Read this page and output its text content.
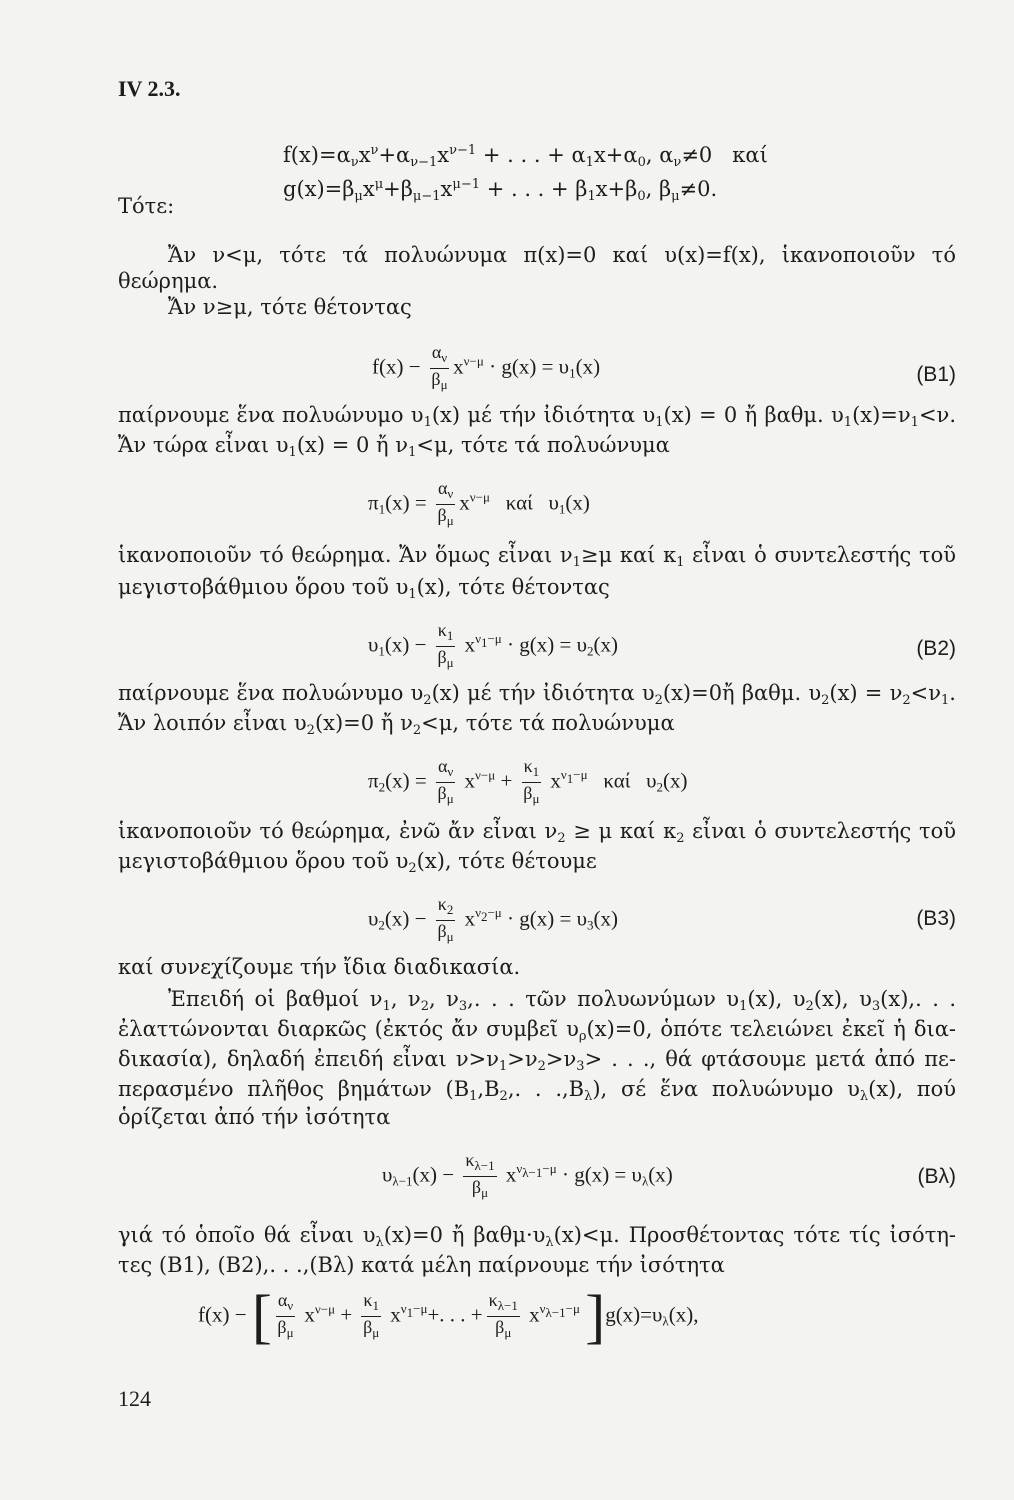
IV 2.3.
$f(x)=\alpha_\nu x^\nu+\alpha_{\nu-1}x^{\nu-1}$ + . . . + $\alpha_1x+\alpha_0$, $\alpha_\nu\ne 0$   καί
$g(x)=\beta_\mu x^\mu+\beta_{\mu-1}x^{\mu-1}$ + . . . + $\beta_1x+\beta_0$, $\beta_\mu\ne 0$.
Τότε:
Ἄν ν<μ, τότε τά πολυώνυμα π(x)=0 καί υ(x)=f(x), ἱκανοποιοῦν τό
θεώρημα.
Ἄν ν≥μ, τότε θέτοντας
$f(x) - \frac{\alpha_\nu}{\beta_\mu} x^{\nu-\mu} \cdot g(x) = \upsilon_1(x)$	(B1)
παίρνουμε ἕνα πολυώνυμο $\upsilon_1(x)$ μέ τήν ἰδιότητα $\upsilon_1(x) = 0$ ἤ βαθμ. $\upsilon_1(x)=\nu_1<\nu$.
Ἄν τώρα εἶναι $\upsilon_1(x) = 0$ ἤ $\nu_1<\mu$, τότε τά πολυώνυμα
$\pi_1(x) = \frac{\alpha_\nu}{\beta_\mu} x^{\nu-\mu}$   καί   $\upsilon_1(x)$
ἱκανοποιοῦν τό θεώρημα. Ἄν ὅμως εἶναι $\nu_1\ge\mu$ καί $\kappa_1$ εἶναι ὁ συντελεστής τοῦ
μεγιστοβάθμιου ὅρου τοῦ $\upsilon_1(x)$, τότε θέτοντας
$\upsilon_1(x) - \frac{\kappa_1}{\beta_\mu} x^{\nu_1-\mu} \cdot g(x) = \upsilon_2(x)$	(B2)
παίρνουμε ἕνα πολυώνυμο $\upsilon_2(x)$ μέ τήν ἰδιότητα $\upsilon_2(x)=0ἤ$ βαθμ. $\upsilon_2(x) = \nu_2<\nu_1$.
Ἄν λοιπόν εἶναι $\upsilon_2(x)=0$ ἤ $\nu_2<\mu$, τότε τά πολυώνυμα
$\pi_2(x) = \frac{\alpha_\nu}{\beta_\mu} x^{\nu-\mu} + \frac{\kappa_1}{\beta_\mu} x^{\nu_1-\mu}$   καί   $\upsilon_2(x)$
ἱκανοποιοῦν τό θεώρημα, ἐνῶ ἄν εἶναι $\nu_2 \ge \mu$ καί $\kappa_2$ εἶναι ὁ συντελεστής τοῦ
μεγιστοβάθμιου ὅρου τοῦ $\upsilon_2(x)$, τότε θέτουμε
$\upsilon_2(x) - \frac{\kappa_2}{\beta_\mu} x^{\nu_2-\mu} \cdot g(x) = \upsilon_3(x)$	(B3)
καί συνεχίζουμε τήν ἴδια διαδικασία.
Ἐπειδή οἱ βαθμοί $\nu_1$, $\nu_2$, $\nu_3$,. . . τῶν πολυωνύμων $\upsilon_1(x)$, $\upsilon_2(x)$, $\upsilon_3(x)$,. . .
ἐλαττώνονται διαρκῶς (ἐκτός ἄν συμβεῖ $\upsilon_\rho(x)=0$, ὁπότε τελειώνει ἐκεῖ ἡ δια-
δικασία), δηλαδή ἐπειδή εἶναι $\nu>\nu_1>\nu_2>\nu_3>$ . . ., θά φτάσουμε μετά ἀπό πε-
περασμένο πλῆθος βημάτων ($B_1,B_2$,. . $.,B_\lambda$), σέ ἕνα πολυώνυμο $\upsilon_\lambda(x)$, πού
ὁρίζεται ἀπό τήν ἰσότητα
$\upsilon_{\lambda-1}(x) - \frac{\kappa_{\lambda-1}}{\beta_\mu} x^{\nu_{\lambda-1}-\mu} \cdot g(x) = \upsilon_\lambda(x)$	(Bλ)
γιά τό ὁποῖο θά εἶναι $\upsilon_\lambda(x)=0$ ἤ $\beta\alpha\theta\mu\cdot\upsilon_\lambda(x)<\mu$. Προσθέτοντας τότε τίς ἰσότη-
τες (B1), (B2),. . .,(Bλ) κατά μέλη παίρνουμε τήν ἰσότητα
f(x) − [ $\frac{\alpha_\nu}{\beta_\mu} x^{\nu-\mu} + \frac{\kappa_1}{\beta_\mu} x^{\nu_1-\mu}+$. . . + $\frac{\kappa_{\lambda-1}}{\beta_\mu} x^{\nu_{\lambda-1}-\mu}$ ]$g(x)=\upsilon_\lambda(x)$,
124
